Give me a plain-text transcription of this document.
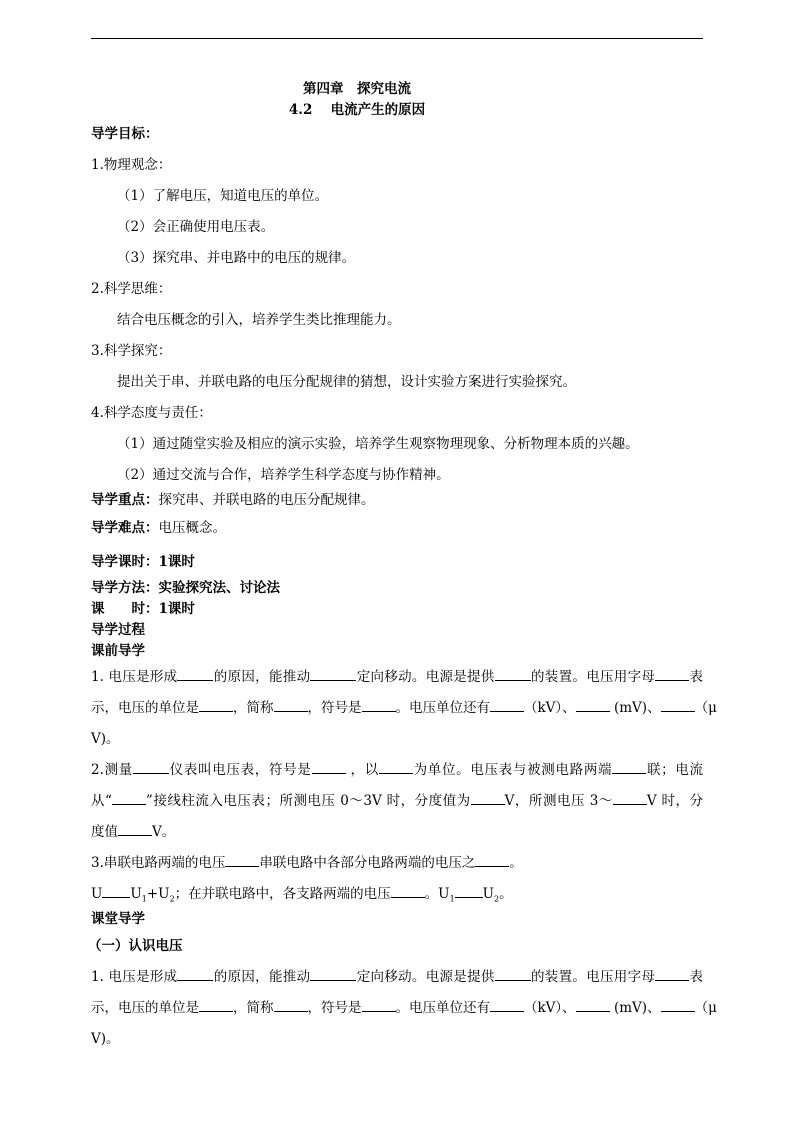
第四章　探究电流
4.2　 电流产生的原因
导学目标：
1.物理观念：
（1）了解电压，知道电压的单位。
（2）会正确使用电压表。
（3）探究串、并电路中的电压的规律。
2.科学思维：
结合电压概念的引入，培养学生类比推理能力。
3.科学探究：
提出关于串、并联电路的电压分配规律的猜想，设计实验方案进行实验探究。
4.科学态度与责任：
（1）通过随堂实验及相应的演示实验，培养学生观察物理现象、分析物理本质的兴趣。
（2）通过交流与合作，培养学生科学态度与协作精神。
导学重点：探究串、并联电路的电压分配规律。
导学难点：电压概念。
导学课时：1课时
导学方法：实验探究法、讨论法
课　　时：1课时
导学过程
课前导学
1. 电压是形成	的原因，能推动	定向移动。电源是提供	的装置。电压用字母	表
示，电压的单位是	，简称	，符号是	。电压单位还有	（kV）、	(mV)、	（μ
V)。
2.测量	仪表叫电压表，符号是	，以	为单位。电压表与被测电路两端	联；电流
从“	”接线柱流入电压表；所测电压 0～3V 时，分度值为	V，所测电压 3～	V 时，分
度值	V。
3.串联电路两端的电压	串联电路中各部分电路两端的电压之	。
U $U_1+U_2$；在并联电路中，各支路两端的电压	。$U_1$ $U_2$。
课堂导学
（一）认识电压
1. 电压是形成	的原因，能推动	定向移动。电源是提供	的装置。电压用字母	表
示，电压的单位是	，简称	，符号是	。电压单位还有	（kV）、	(mV)、	（μ
V)。
